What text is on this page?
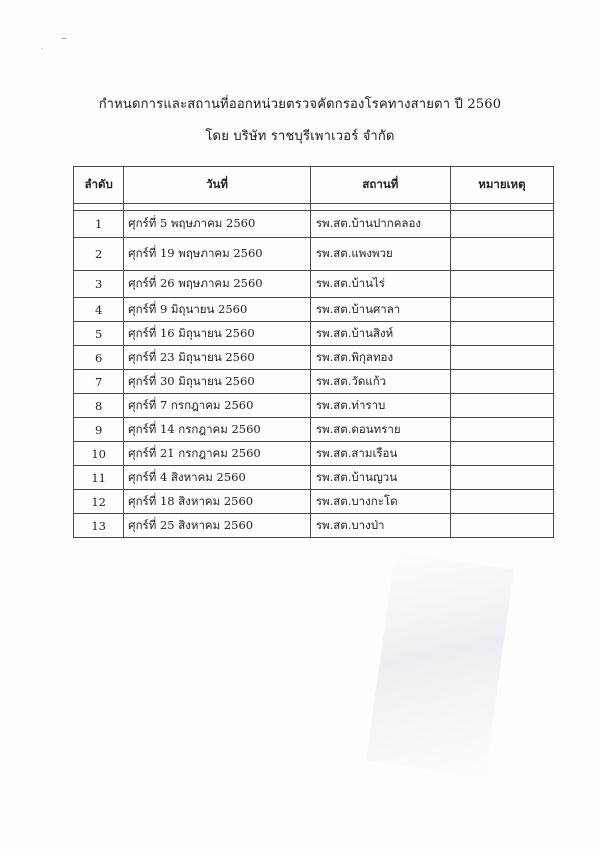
กำหนดการและสถานที่ออกหน่วยตรวจคัดกรองโรคทางสายตา ปี 2560
โดย บริษัท ราชบุรีเพาเวอร์ จำกัด
ลำดับ	วันที่	สถานที่	หมายเหตุ

1	ศุกร์ที่ 5 พฤษภาคม 2560	รพ.สต.บ้านปากคลอง	
2	ศุกร์ที่ 19 พฤษภาคม 2560	รพ.สต.แพงพวย	
3	ศุกร์ที่ 26 พฤษภาคม 2560	รพ.สต.บ้านไร่	
4	ศุกร์ที่ 9 มิถุนายน 2560	รพ.สต.บ้านศาลา	
5	ศุกร์ที่ 16 มิถุนายน 2560	รพ.สต.บ้านสิงห์	
6	ศุกร์ที่ 23 มิถุนายน 2560	รพ.สต.พิกุลทอง	
7	ศุกร์ที่ 30 มิถุนายน 2560	รพ.สต.วัดแก้ว	
8	ศุกร์ที่ 7 กรกฎาคม 2560	รพ.สต.ท่าราบ	
9	ศุกร์ที่ 14 กรกฎาคม 2560	รพ.สต.ดอนทราย	
10	ศุกร์ที่ 21 กรกฎาคม 2560	รพ.สต.สามเรือน	
11	ศุกร์ที่ 4 สิงหาคม 2560	รพ.สต.บ้านญวน	
12	ศุกร์ที่ 18 สิงหาคม 2560	รพ.สต.บางกะโด	
13	ศุกร์ที่ 25 สิงหาคม 2560	รพ.สต.บางป่า	
